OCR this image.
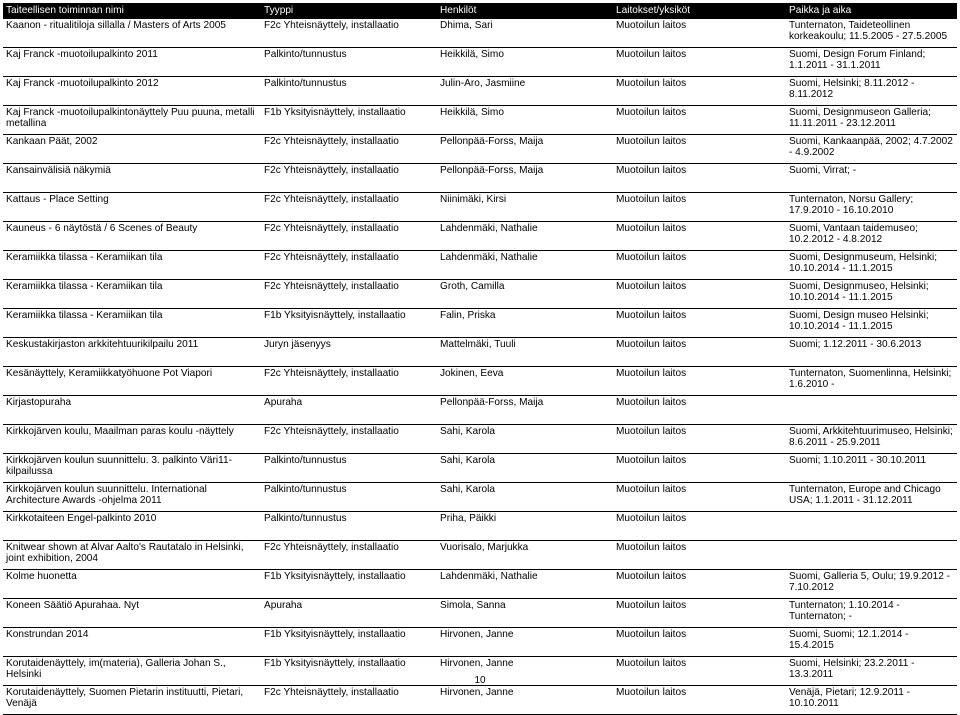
Taiteellisen toiminnan nimi	Tyyppi	Henkilöt	Laitokset/yksiköt	Paikka ja aika
Kaanon - ritualitiloja sillalla / Masters of Arts 2005	F2c Yhteisnäyttely, installaatio	Dhima, Sari	Muotoilun laitos	Tunternaton, Taideteollinen korkeakoulu; 11.5.2005 - 27.5.2005
Kaj Franck -muotoilupalkinto 2011	Palkinto/tunnustus	Heikkilä, Simo	Muotoilun laitos	Suomi, Design Forum Finland; 1.1.2011 - 31.1.2011
Kaj Franck -muotoilupalkinto 2012	Palkinto/tunnustus	Julin-Aro, Jasmiine	Muotoilun laitos	Suomi, Helsinki; 8.11.2012 - 8.11.2012
Kaj Franck -muotoilupalkintonäyttely Puu puuna, metalli metallina	F1b Yksityisnäyttely, installaatio	Heikkilä, Simo	Muotoilun laitos	Suomi, Designmuseon Galleria; 11.11.2011 - 23.12.2011
Kankaan Päät, 2002	F2c Yhteisnäyttely, installaatio	Pellonpää-Forss, Maija	Muotoilun laitos	Suomi, Kankaanpää, 2002; 4.7.2002 - 4.9.2002
Kansainvälisiä näkymiä	F2c Yhteisnäyttely, installaatio	Pellonpää-Forss, Maija	Muotoilun laitos	Suomi, Virrat; -
Kattaus - Place Setting	F2c Yhteisnäyttely, installaatio	Niinimäki, Kirsi	Muotoilun laitos	Tunternaton, Norsu Gallery; 17.9.2010 - 16.10.2010
Kauneus - 6 näytöstä / 6 Scenes of Beauty	F2c Yhteisnäyttely, installaatio	Lahdenmäki, Nathalie	Muotoilun laitos	Suomi, Vantaan taidemuseo; 10.2.2012 - 4.8.2012
Keramiikka tilassa - Keramiikan tila	F2c Yhteisnäyttely, installaatio	Lahdenmäki, Nathalie	Muotoilun laitos	Suomi, Designmuseum, Helsinki; 10.10.2014 - 11.1.2015
Keramiikka tilassa - Keramiikan tila	F2c Yhteisnäyttely, installaatio	Groth, Camilla	Muotoilun laitos	Suomi, Designmuseo, Helsinki; 10.10.2014 - 11.1.2015
Keramiikka tilassa - Keramiikan tila	F1b Yksityisnäyttely, installaatio	Falin, Priska	Muotoilun laitos	Suomi, Design museo Helsinki; 10.10.2014 - 11.1.2015
Keskustakirjaston arkkitehtuurikilpailu 2011	Juryn jäsenyys	Mattelmäki, Tuuli	Muotoilun laitos	Suomi; 1.12.2011 - 30.6.2013
Kesänäyttely, Keramiikkatyöhuone Pot Viapori	F2c Yhteisnäyttely, installaatio	Jokinen, Eeva	Muotoilun laitos	Tunternaton, Suomenlinna, Helsinki; 1.6.2010 -
Kirjastopuraha	Apuraha	Pellonpää-Forss, Maija	Muotoilun laitos	
Kirkkojärven koulu, Maailman paras koulu -näyttely	F2c Yhteisnäyttely, installaatio	Sahi, Karola	Muotoilun laitos	Suomi, Arkkitehtuurimuseo, Helsinki; 8.6.2011 - 25.9.2011
Kirkkojärven koulun suunnittelu. 3. palkinto Väri11-kilpailussa	Palkinto/tunnustus	Sahi, Karola	Muotoilun laitos	Suomi; 1.10.2011 - 30.10.2011
Kirkkojärven koulun suunnittelu. International Architecture Awards -ohjelma 2011	Palkinto/tunnustus	Sahi, Karola	Muotoilun laitos	Tunternaton, Europe and Chicago USA; 1.1.2011 - 31.12.2011
Kirkkotaiteen Engel-palkinto 2010	Palkinto/tunnustus	Priha, Päikki	Muotoilun laitos	
Knitwear shown at Alvar Aalto's Rautatalo in Helsinki, joint exhibition, 2004	F2c Yhteisnäyttely, installaatio	Vuorisalo, Marjukka	Muotoilun laitos	
Kolme huonetta	F1b Yksityisnäyttely, installaatio	Lahdenmäki, Nathalie	Muotoilun laitos	Suomi, Galleria 5, Oulu; 19.9.2012 - 7.10.2012
Koneen Säätiö Apurahaa. Nyt	Apuraha	Simola, Sanna	Muotoilun laitos	Tunternaton; 1.10.2014 - Tunternaton; -
Konstrundan 2014	F1b Yksityisnäyttely, installaatio	Hirvonen, Janne	Muotoilun laitos	Suomi, Suomi; 12.1.2014 - 15.4.2015
Korutaidenäyttely, im(materia), Galleria Johan S., Helsinki	F1b Yksityisnäyttely, installaatio	Hirvonen, Janne	Muotoilun laitos	Suomi, Helsinki; 23.2.2011 - 13.3.2011
Korutaidenäyttely, Suomen Pietarin instituutti, Pietari, Venäjä	F2c Yhteisnäyttely, installaatio	Hirvonen, Janne	Muotoilun laitos	Venäjä, Pietari; 12.9.2011 - 10.10.2011
10
